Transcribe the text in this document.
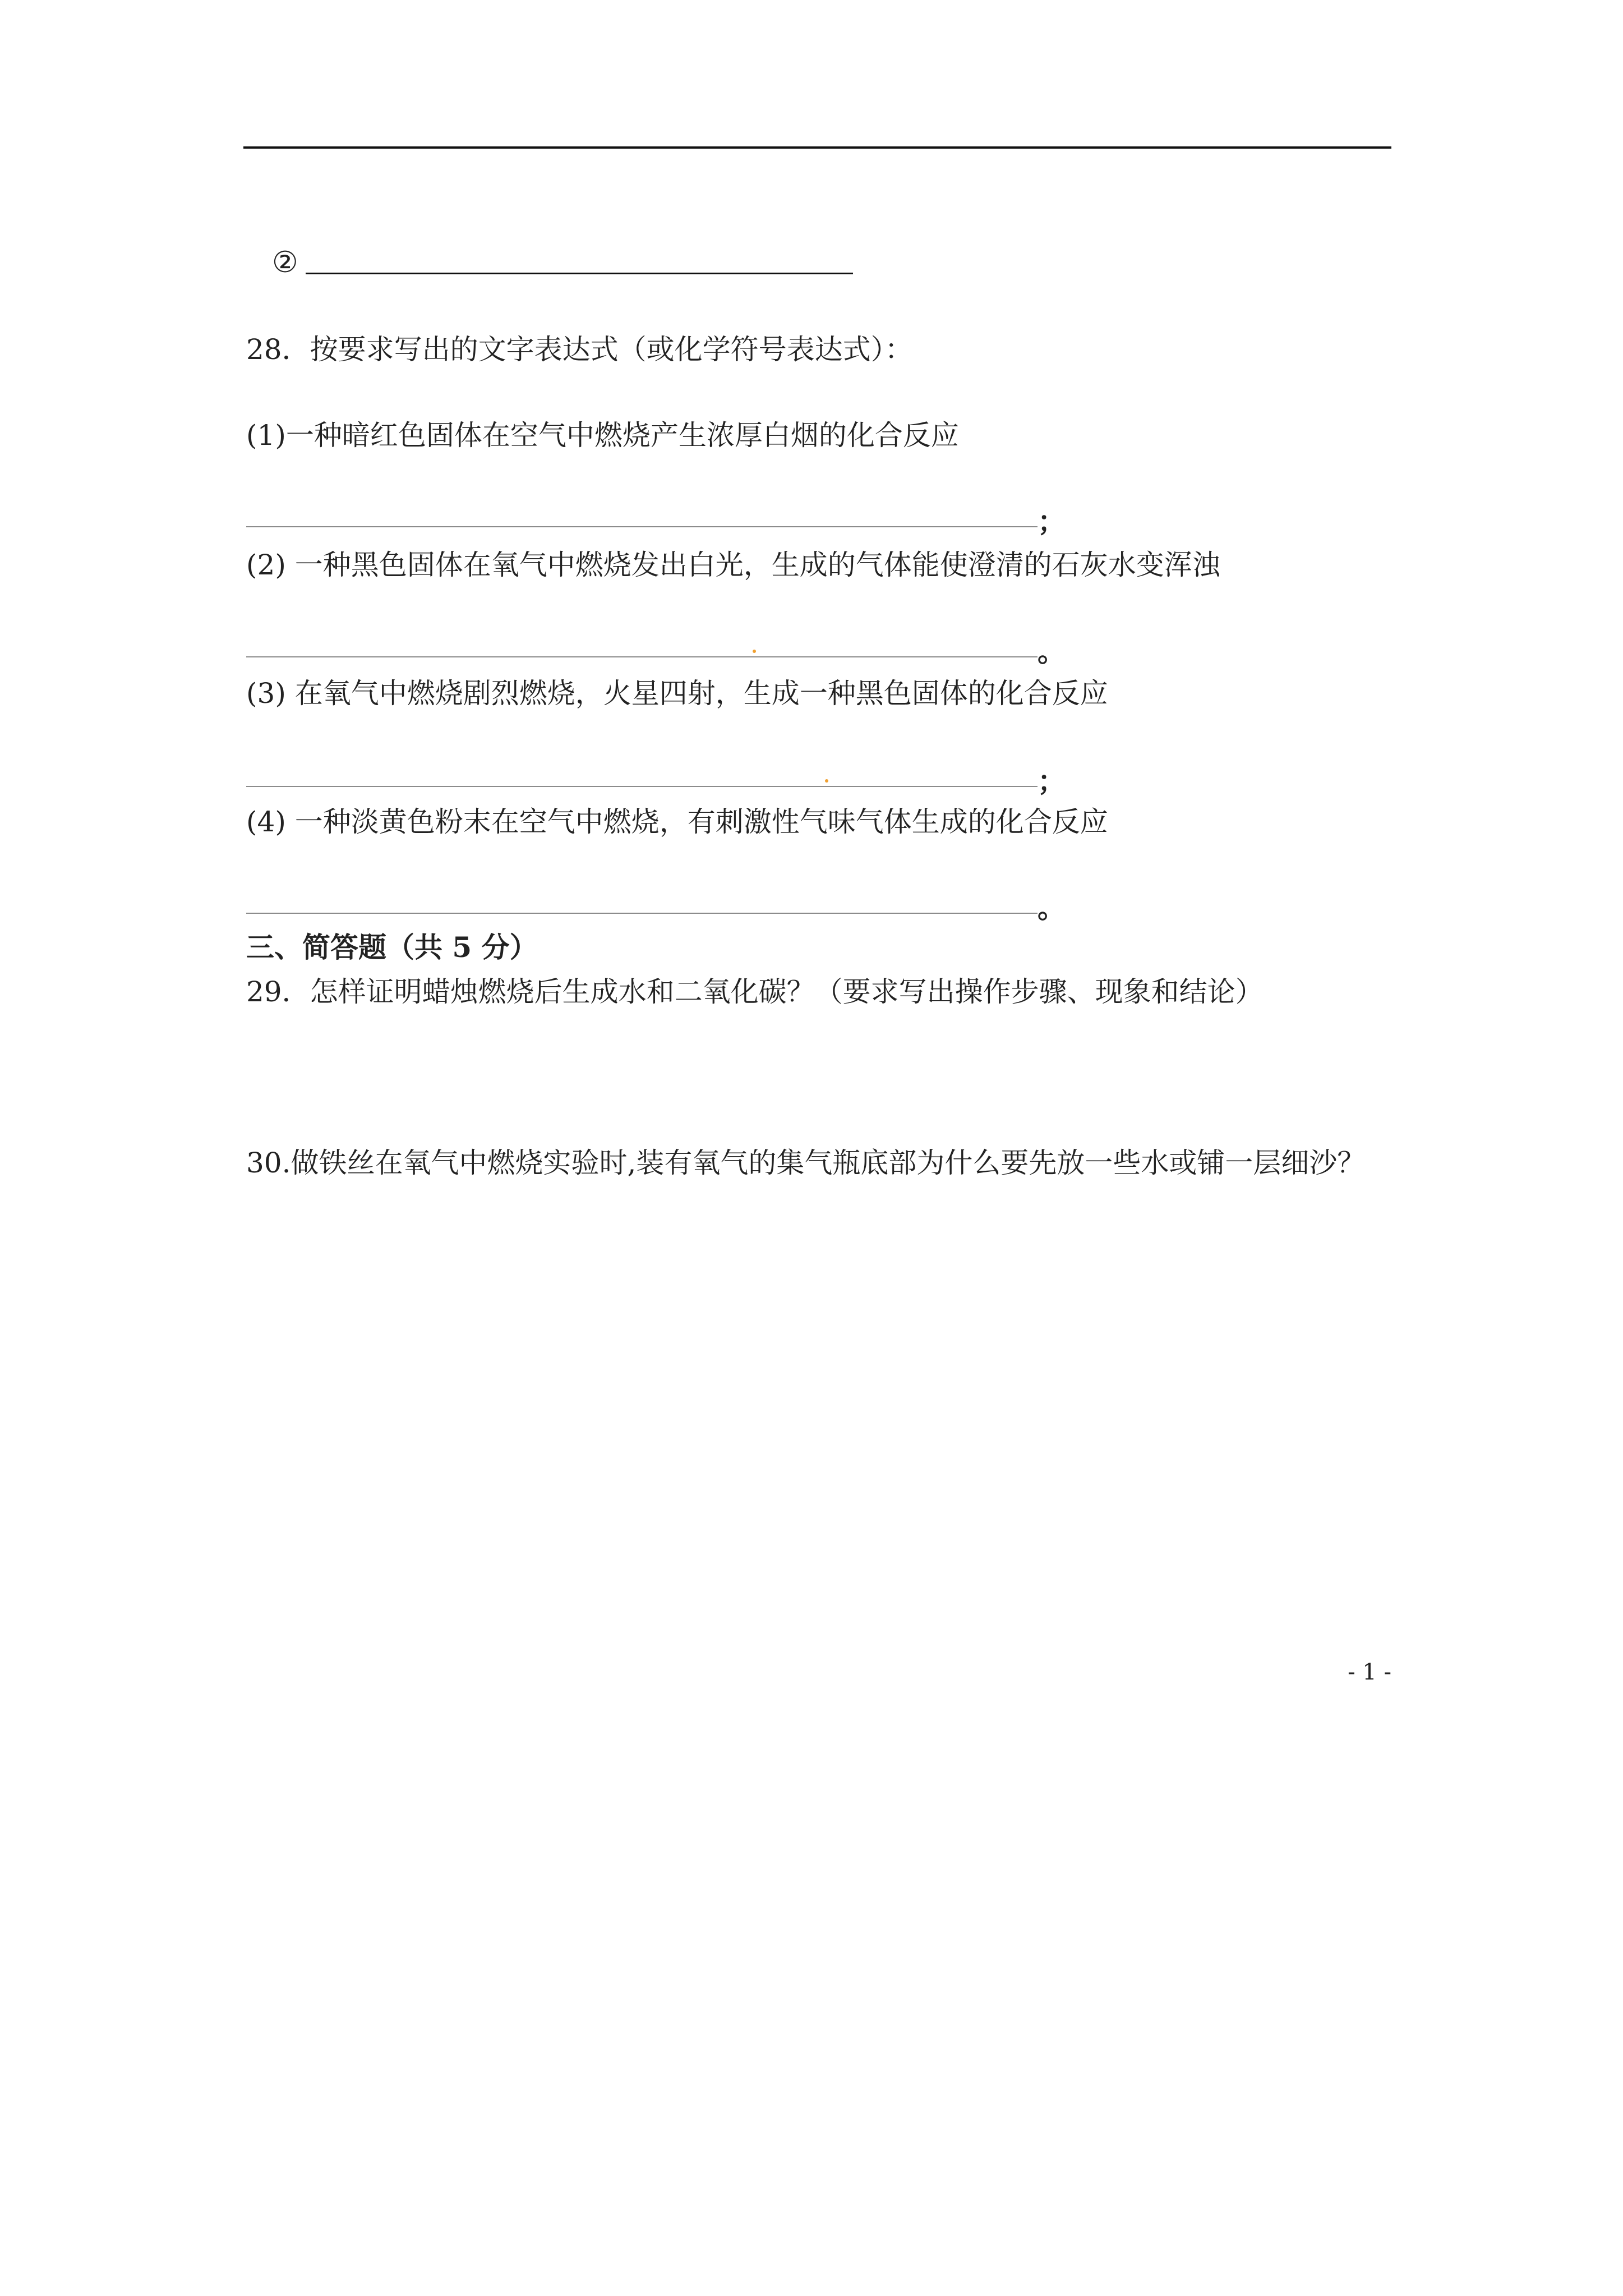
②
28．按要求写出的文字表达式（或化学符号表达式）：
(1)一种暗红色固体在空气中燃烧产生浓厚白烟的化合反应
；
(2) 一种黑色固体在氧气中燃烧发出白光，生成的气体能使澄清的石灰水变浑浊
。
(3) 在氧气中燃烧剧烈燃烧，火星四射，生成一种黑色固体的化合反应
；
(4) 一种淡黄色粉末在空气中燃烧，有刺激性气味气体生成的化合反应
。
三、简答题（共 5 分）
29．怎样证明蜡烛燃烧后生成水和二氧化碳？（要求写出操作步骤、现象和结论）
30.做铁丝在氧气中燃烧实验时,装有氧气的集气瓶底部为什么要先放一些水或铺一层细沙？
- 1 -
